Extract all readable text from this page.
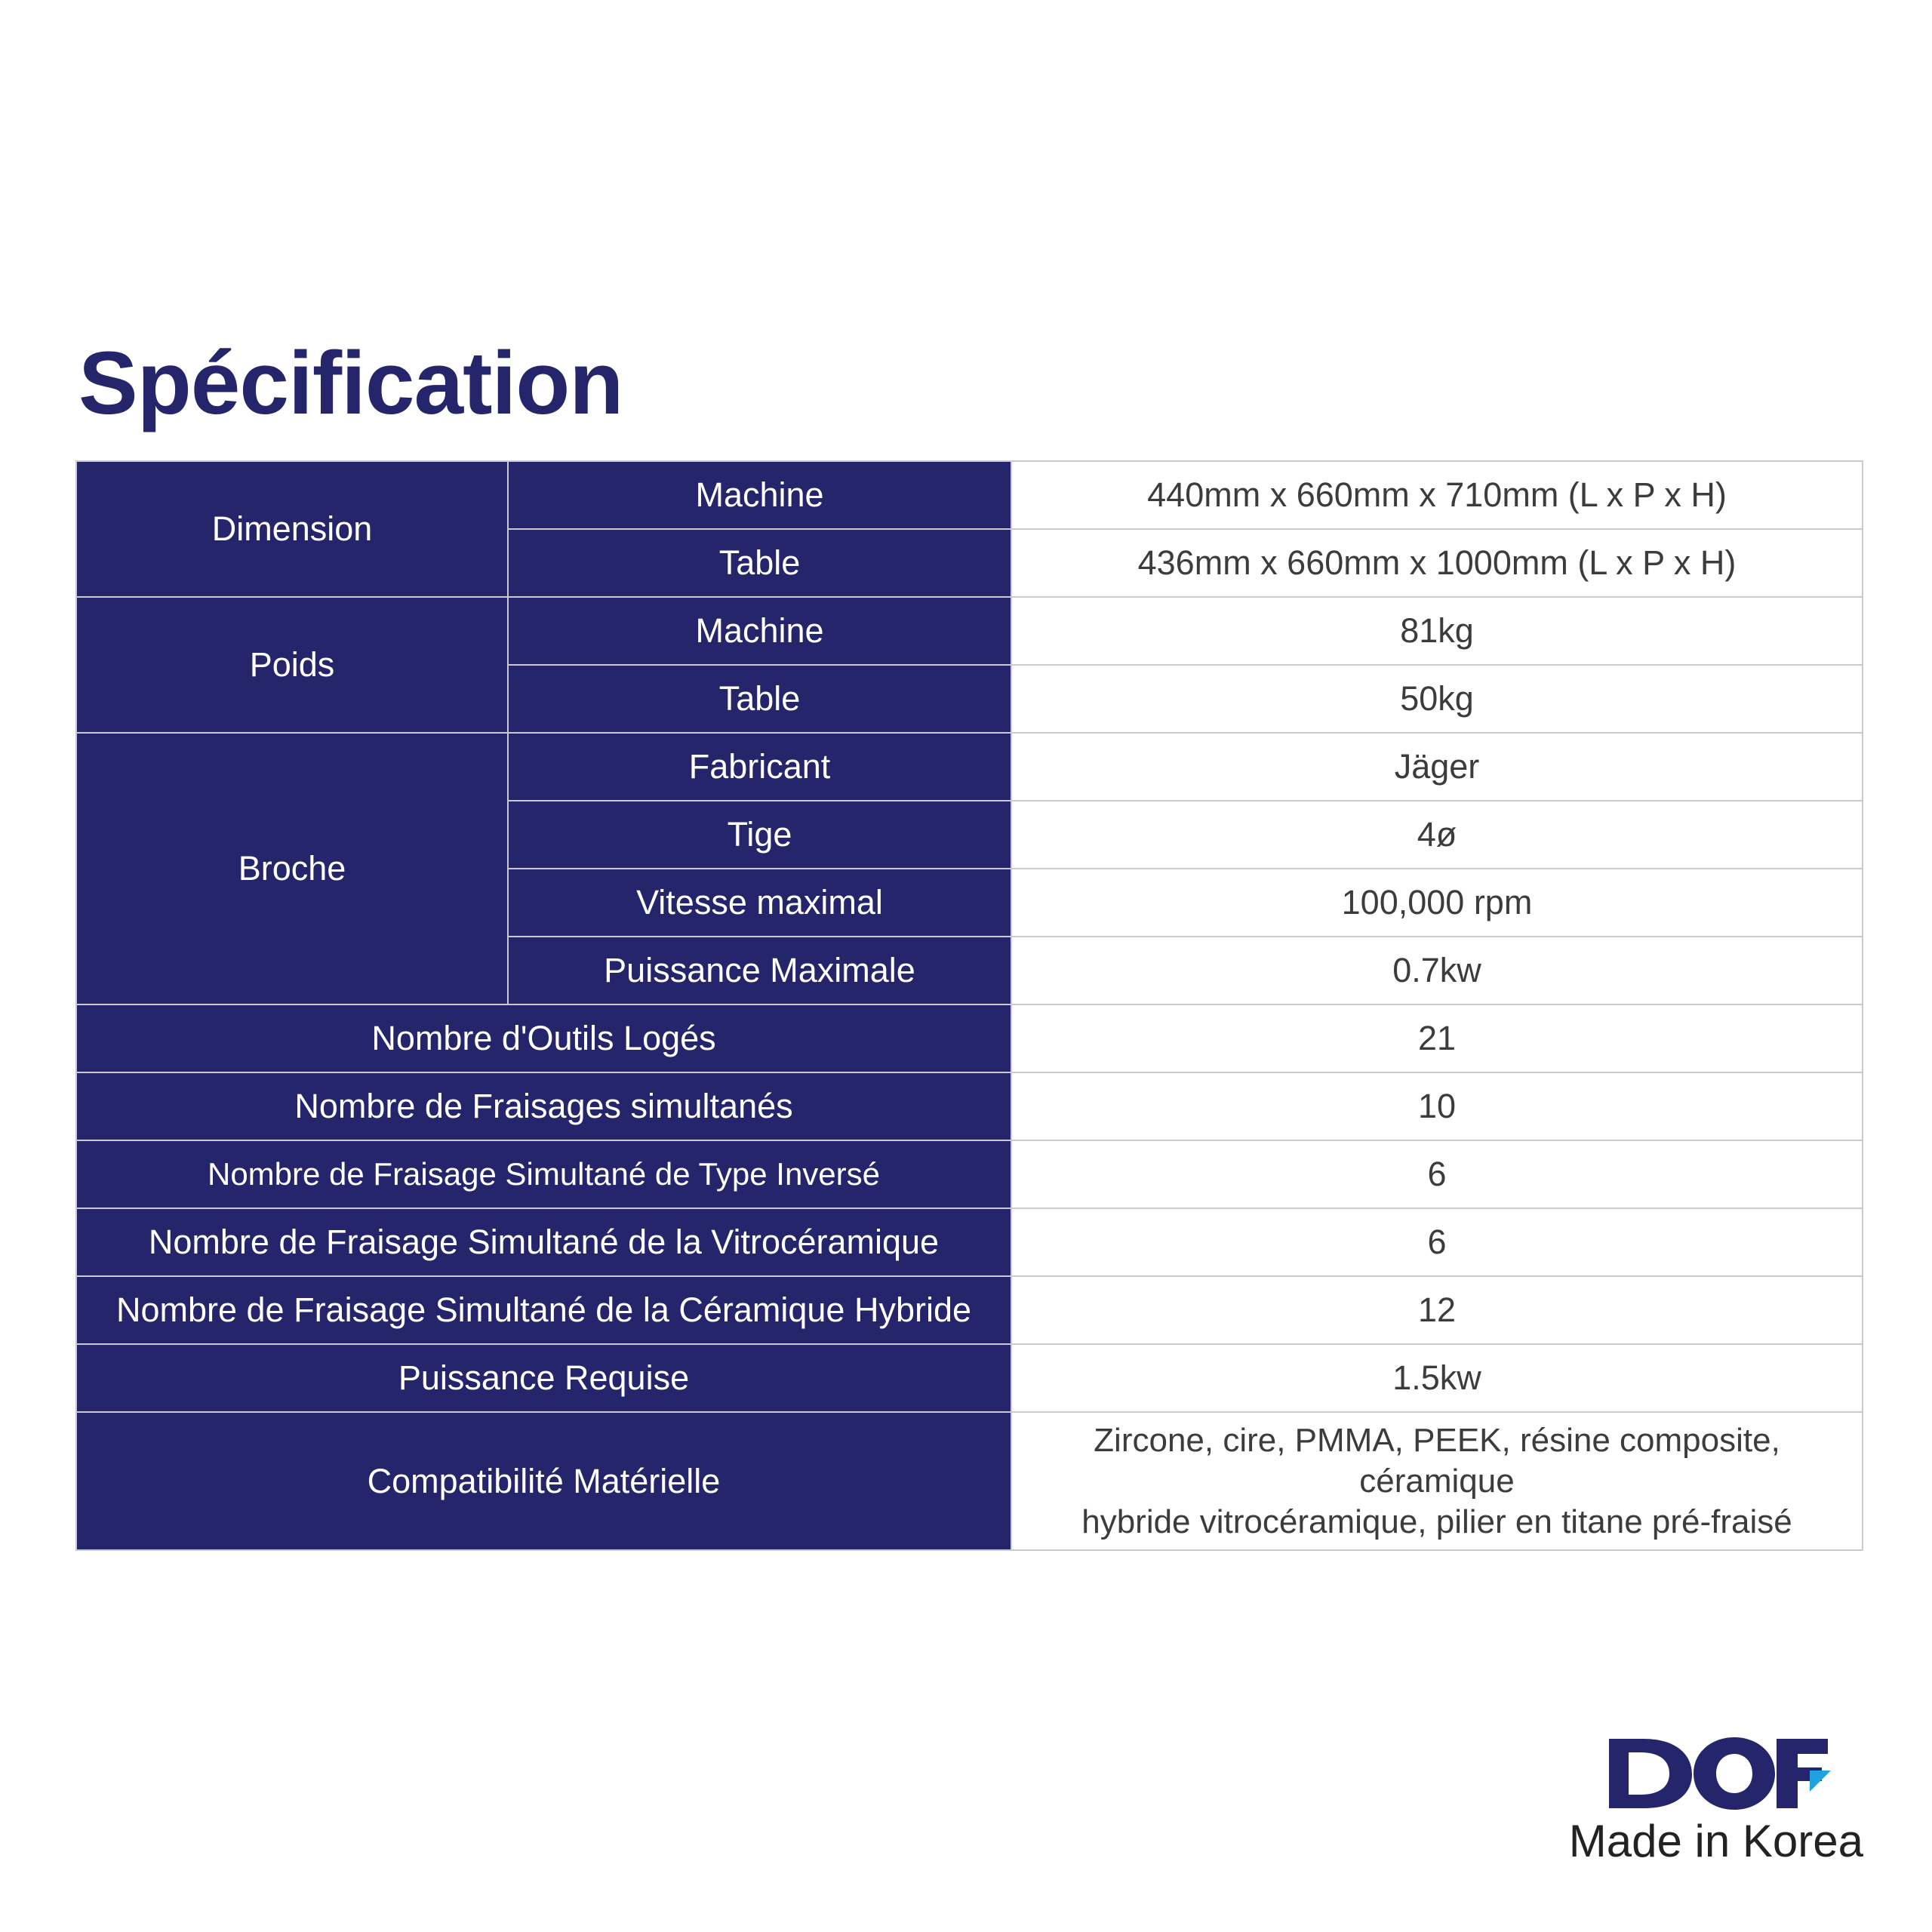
Spécification
Dimension	Machine	440mm x 660mm x 710mm (L x P x H)
	Table	436mm x 660mm x 1000mm (L x P x H)
Poids	Machine	81kg
	Table	50kg
Broche	Fabricant	Jäger
	Tige	4ø
	Vitesse maximal	100,000 rpm
	Puissance Maximale	0.7kw
Nombre d'Outils Logés		21
Nombre de Fraisages simultanés		10
Nombre de Fraisage Simultané de Type Inversé		6
Nombre de Fraisage Simultané de la Vitrocéramique		6
Nombre de Fraisage Simultané de la Céramique Hybride		12
Puissance Requise		1.5kw
Compatibilité Matérielle		Zircone, cire, PMMA, PEEK, résine composite, céramique
hybride vitrocéramique, pilier en titane pré-fraisé

Made in Korea
